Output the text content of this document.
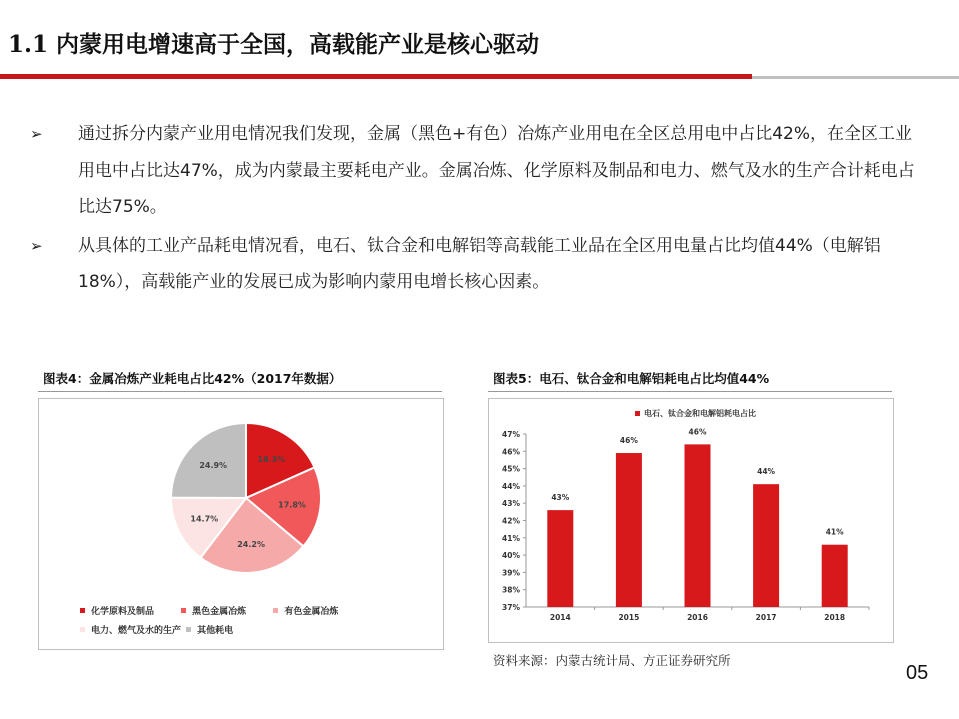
1.1 内蒙用电增速高于全国，高载能产业是核心驱动
➢	通过拆分内蒙产业用电情况我们发现，金属（黑色+有色）冶炼产业用电在全区总用电中占比42%，在全区工业用电中占比达47%，成为内蒙最主要耗电产业。金属冶炼、化学原料及制品和电力、燃气及水的生产合计耗电占比达75%。
➢	从具体的工业产品耗电情况看，电石、钛合金和电解铝等高载能工业品在全区用电量占比均值44%（电解铝18%），高载能产业的发展已成为影响内蒙用电增长核心因素。
图表4：金属冶炼产业耗电占比42%（2017年数据）
18.3%
17.8%
24.2%
14.7%
24.9%
化学原料及制品
	黑色金属冶炼
	有色金属冶炼
电力、燃气及水的生产
其他耗电
图表5：电石、钛合金和电解铝耗电占比均值44%
电石、钛合金和电解铝耗电占比
37%
38%
39%
40%
41%
42%
43%
44%
45%
46%
47%
43%
2014
46%
2015
46%
2016
44%
2017
41%
2018
资料来源：内蒙古统计局、方正证券研究所
05
